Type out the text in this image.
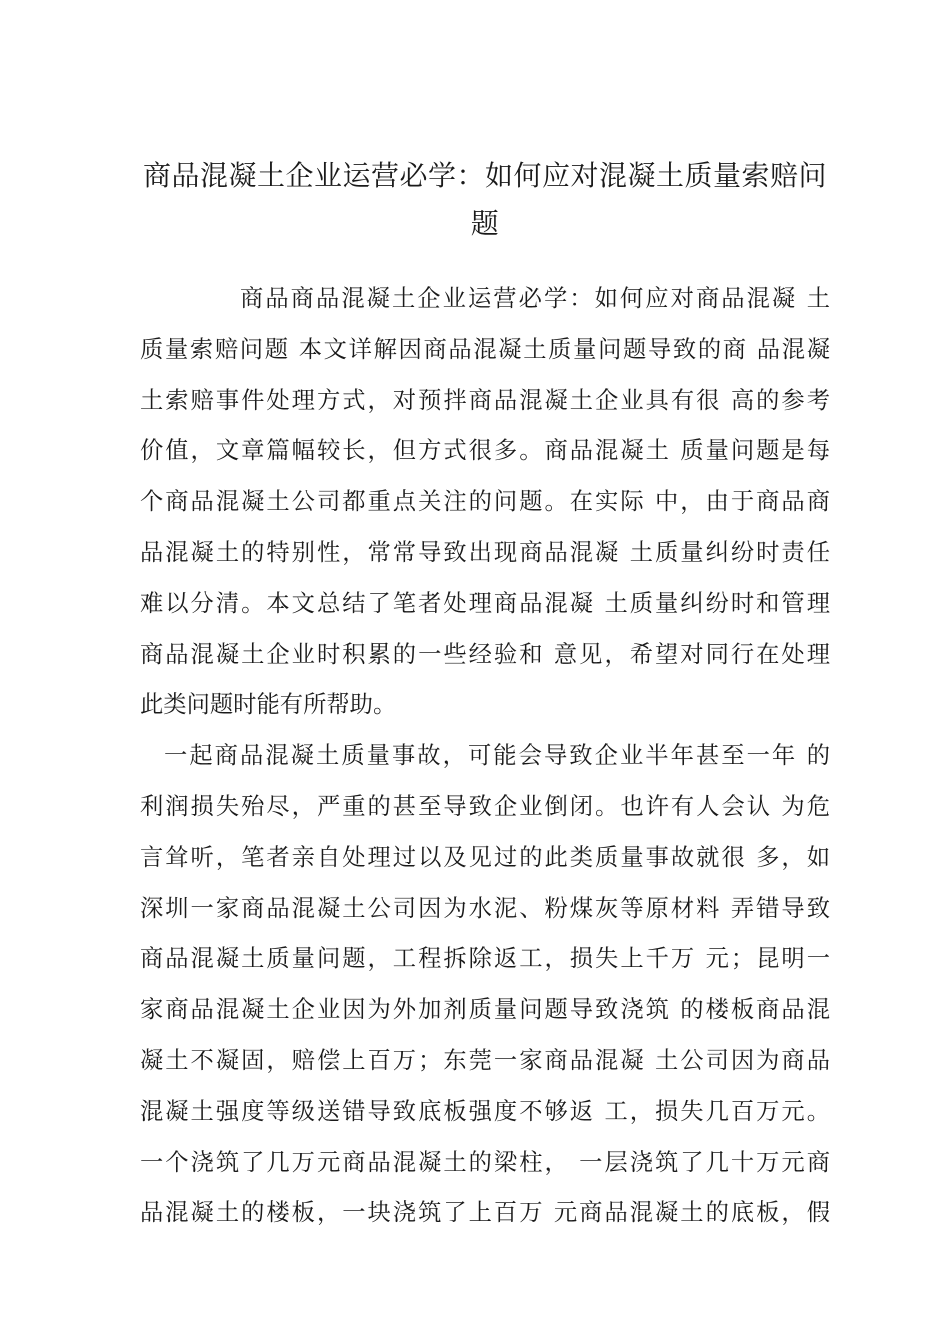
商品混凝土企业运营必学：如何应对混凝土质量索赔问
题
商品商品混凝土企业运营必学：如何应对商品混凝 土
质量索赔问题 本文详解因商品混凝土质量问题导致的商 品混凝
土索赔事件处理方式，对预拌商品混凝土企业具有很 高的参考
价值，文章篇幅较长，但方式很多。商品混凝土 质量问题是每
个商品混凝土公司都重点关注的问题。在实际 中，由于商品商
品混凝土的特别性，常常导致出现商品混凝 土质量纠纷时责任
难以分清。本文总结了笔者处理商品混凝 土质量纠纷时和管理
商品混凝土企业时积累的一些经验和 意见，希望对同行在处理
此类问题时能有所帮助。
一起商品混凝土质量事故，可能会导致企业半年甚至一年 的
利润损失殆尽，严重的甚至导致企业倒闭。也许有人会认 为危
言耸听，笔者亲自处理过以及见过的此类质量事故就很 多，如
深圳一家商品混凝土公司因为水泥、粉煤灰等原材料 弄错导致
商品混凝土质量问题，工程拆除返工，损失上千万 元；昆明一
家商品混凝土企业因为外加剂质量问题导致浇筑 的楼板商品混
凝土不凝固，赔偿上百万；东莞一家商品混凝 土公司因为商品
混凝土强度等级送错导致底板强度不够返 工，损失几百万元。
一个浇筑了几万元商品混凝土的梁柱， 一层浇筑了几十万元商
品混凝土的楼板，一块浇筑了上百万 元商品混凝土的底板，假
